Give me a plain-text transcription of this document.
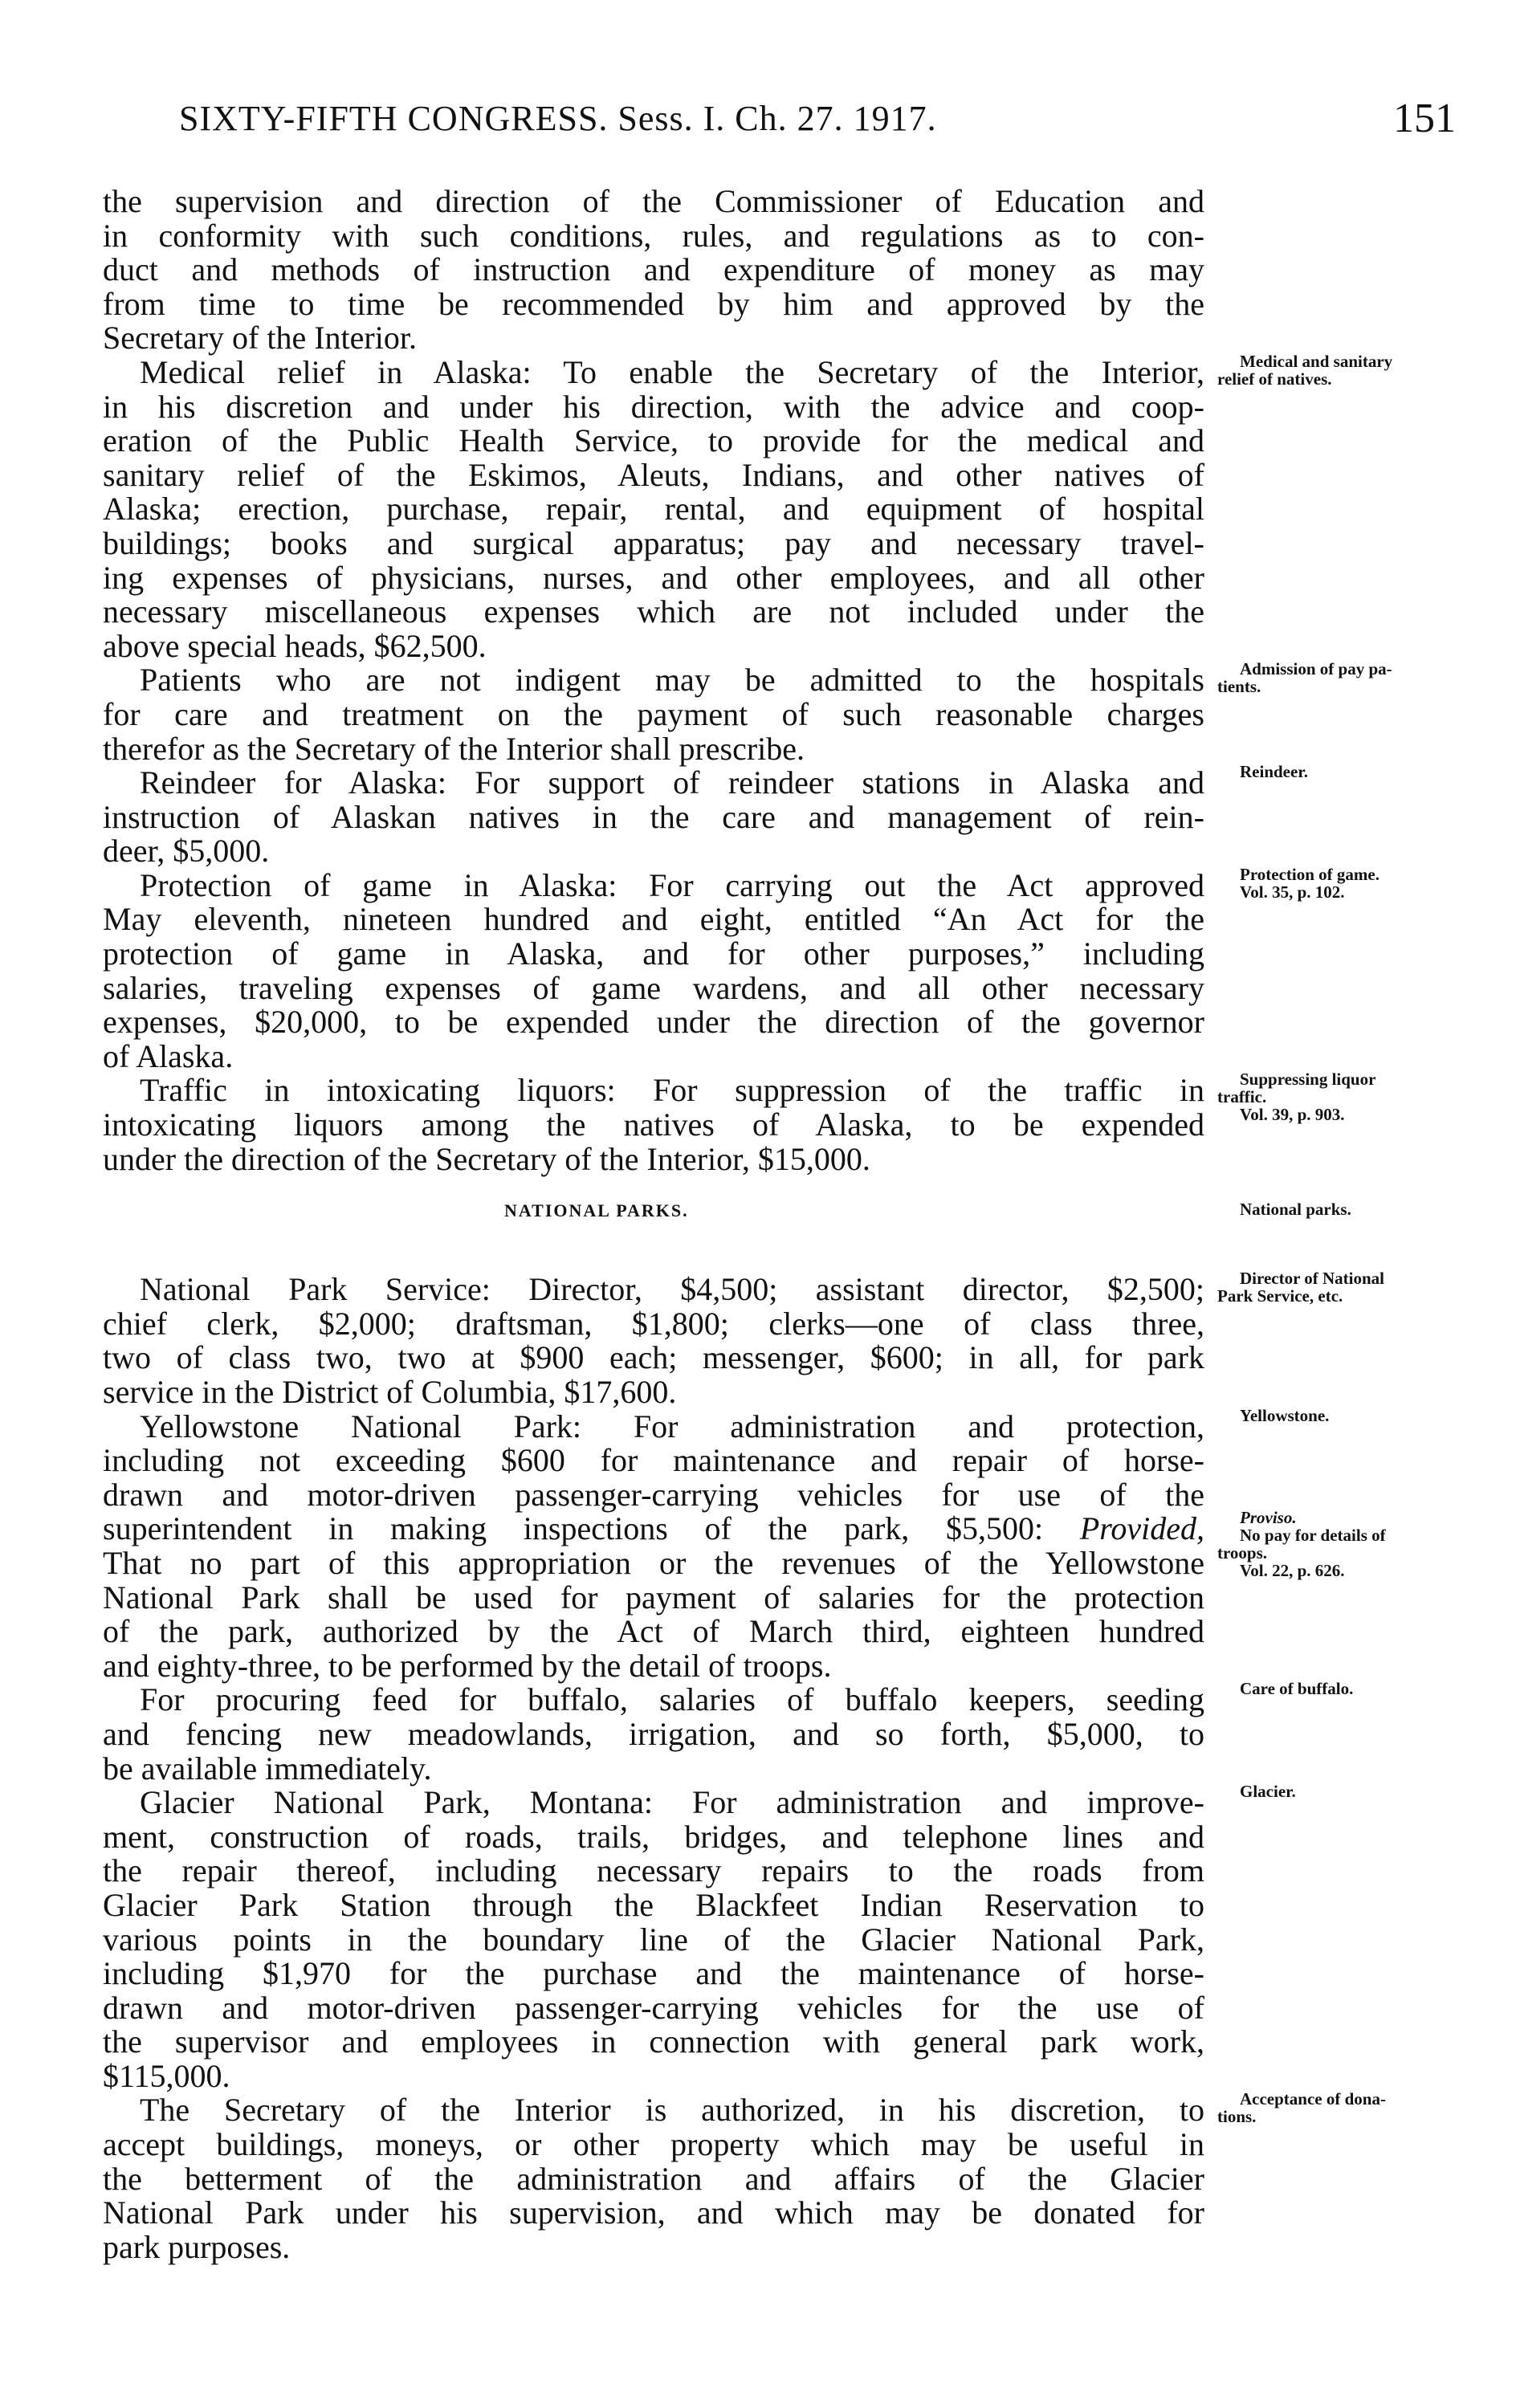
SIXTY-FIFTH CONGRESS. Sess. I. Ch. 27. 1917.	151
the supervision and direction of the Commissioner of Education and
in conformity with such conditions, rules, and regulations as to con-
duct and methods of instruction and expenditure of money as may
from time to time be recommended by him and approved by the
Secretary of the Interior.
Medical relief in Alaska: To enable the Secretary of the Interior,
in his discretion and under his direction, with the advice and coop-
eration of the Public Health Service, to provide for the medical and
sanitary relief of the Eskimos, Aleuts, Indians, and other natives of
Alaska; erection, purchase, repair, rental, and equipment of hospital
buildings; books and surgical apparatus; pay and necessary travel-
ing expenses of physicians, nurses, and other employees, and all other
necessary miscellaneous expenses which are not included under the
above special heads, $62,500.
Medical and sanitary
relief of natives.
Patients who are not indigent may be admitted to the hospitals
for care and treatment on the payment of such reasonable charges
therefor as the Secretary of the Interior shall prescribe.
Admission of pay pa-
tients.
Reindeer for Alaska: For support of reindeer stations in Alaska and
instruction of Alaskan natives in the care and management of rein-
deer, $5,000.
Reindeer.
Protection of game in Alaska: For carrying out the Act approved
May eleventh, nineteen hundred and eight, entitled “An Act for the
protection of game in Alaska, and for other purposes,” including
salaries, traveling expenses of game wardens, and all other necessary
expenses, $20,000, to be expended under the direction of the governor
of Alaska.
Protection of game.
Vol. 35, p. 102.
Traffic in intoxicating liquors: For suppression of the traffic in
intoxicating liquors among the natives of Alaska, to be expended
under the direction of the Secretary of the Interior, $15,000.
Suppressing liquor
traffic.
Vol. 39, p. 903.
NATIONAL PARKS.	National parks.
National Park Service: Director, $4,500; assistant director, $2,500;
chief clerk, $2,000; draftsman, $1,800; clerks—one of class three,
two of class two, two at $900 each; messenger, $600; in all, for park
service in the District of Columbia, $17,600.
Director of National
Park Service, etc.
Yellowstone National Park: For administration and protection,
including not exceeding $600 for maintenance and repair of horse-
drawn and motor-driven passenger-carrying vehicles for use of the
superintendent in making inspections of the park, $5,500: Provided,
That no part of this appropriation or the revenues of the Yellowstone
National Park shall be used for payment of salaries for the protection
of the park, authorized by the Act of March third, eighteen hundred
and eighty-three, to be performed by the detail of troops.
Yellowstone.
Proviso.
No pay for details of
troops.
Vol. 22, p. 626.
For procuring feed for buffalo, salaries of buffalo keepers, seeding
and fencing new meadowlands, irrigation, and so forth, $5,000, to
be available immediately.
Care of buffalo.
Glacier National Park, Montana: For administration and improve-
ment, construction of roads, trails, bridges, and telephone lines and
the repair thereof, including necessary repairs to the roads from
Glacier Park Station through the Blackfeet Indian Reservation to
various points in the boundary line of the Glacier National Park,
including $1,970 for the purchase and the maintenance of horse-
drawn and motor-driven passenger-carrying vehicles for the use of
the supervisor and employees in connection with general park work,
$115,000.
Glacier.
The Secretary of the Interior is authorized, in his discretion, to
accept buildings, moneys, or other property which may be useful in
the betterment of the administration and affairs of the Glacier
National Park under his supervision, and which may be donated for
park purposes.
Acceptance of dona-
tions.
